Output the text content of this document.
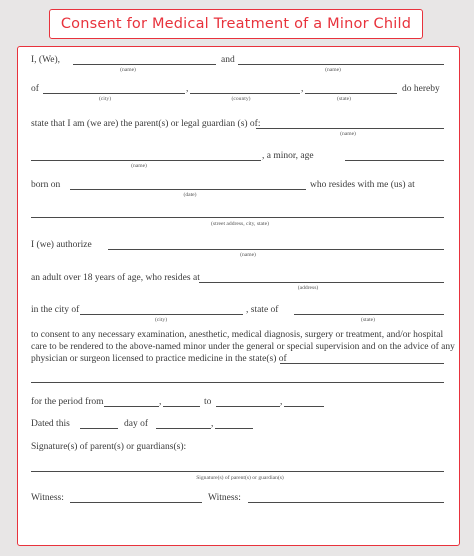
Consent for Medical Treatment of a Minor Child
I, (We),	and
(name)	(name)
of	,	,	do hereby
(city)	(county)	(state)
state that I am (we are) the parent(s) or legal guardian (s) of:
(name)
, a minor, age
(name)
born on	who resides with me (us) at
(date)
(street address, city, state)
I (we) authorize
(name)
an adult over 18 years of age, who resides at
(address)
in the city of	, state of
(city)	(state)
to consent to any necessary examination, anesthetic, medical diagnosis, surgery or treatment, and/or hospital
care to be rendered to the above-named minor under the general or special supervision and on the advice of any
physician or surgeon licensed to practice medicine in the state(s) of
for the period from	,	to	,
Dated this	day of	,
Signature(s) of parent(s) or guardians(s):
Signature(s) of parent(s) or guardian(s)
Witness:	Witness:
